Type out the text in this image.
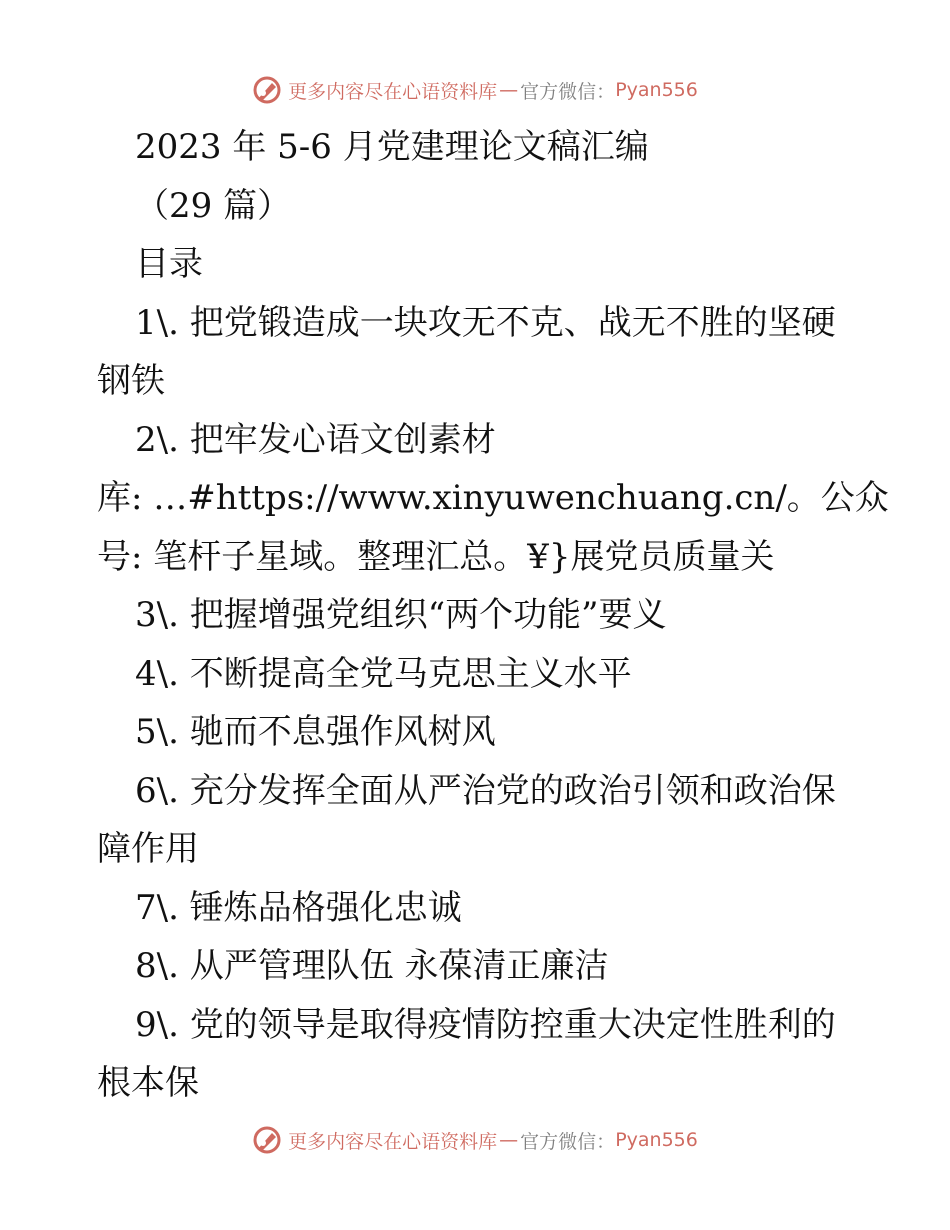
更多内容尽在心语资料库 — 官方微信： Pyan556
2023 年 5-6 月党建理论文稿汇编
（29 篇）
目录
1\. 把党锻造成一块攻无不克、战无不胜的坚硬
钢铁
2\. 把牢发心语文创素材
库: …#https://www.xinyuwenchuang.cn/。公众
号: 笔杆子星域。整理汇总。¥}展党员质量关
3\. 把握增强党组织“两个功能”要义
4\. 不断提高全党马克思主义水平
5\. 驰而不息强作风树风
6\. 充分发挥全面从严治党的政治引领和政治保
障作用
7\. 锤炼品格强化忠诚
8\. 从严管理队伍 永葆清正廉洁
9\. 党的领导是取得疫情防控重大决定性胜利的
根本保
更多内容尽在心语资料库 — 官方微信： Pyan556
